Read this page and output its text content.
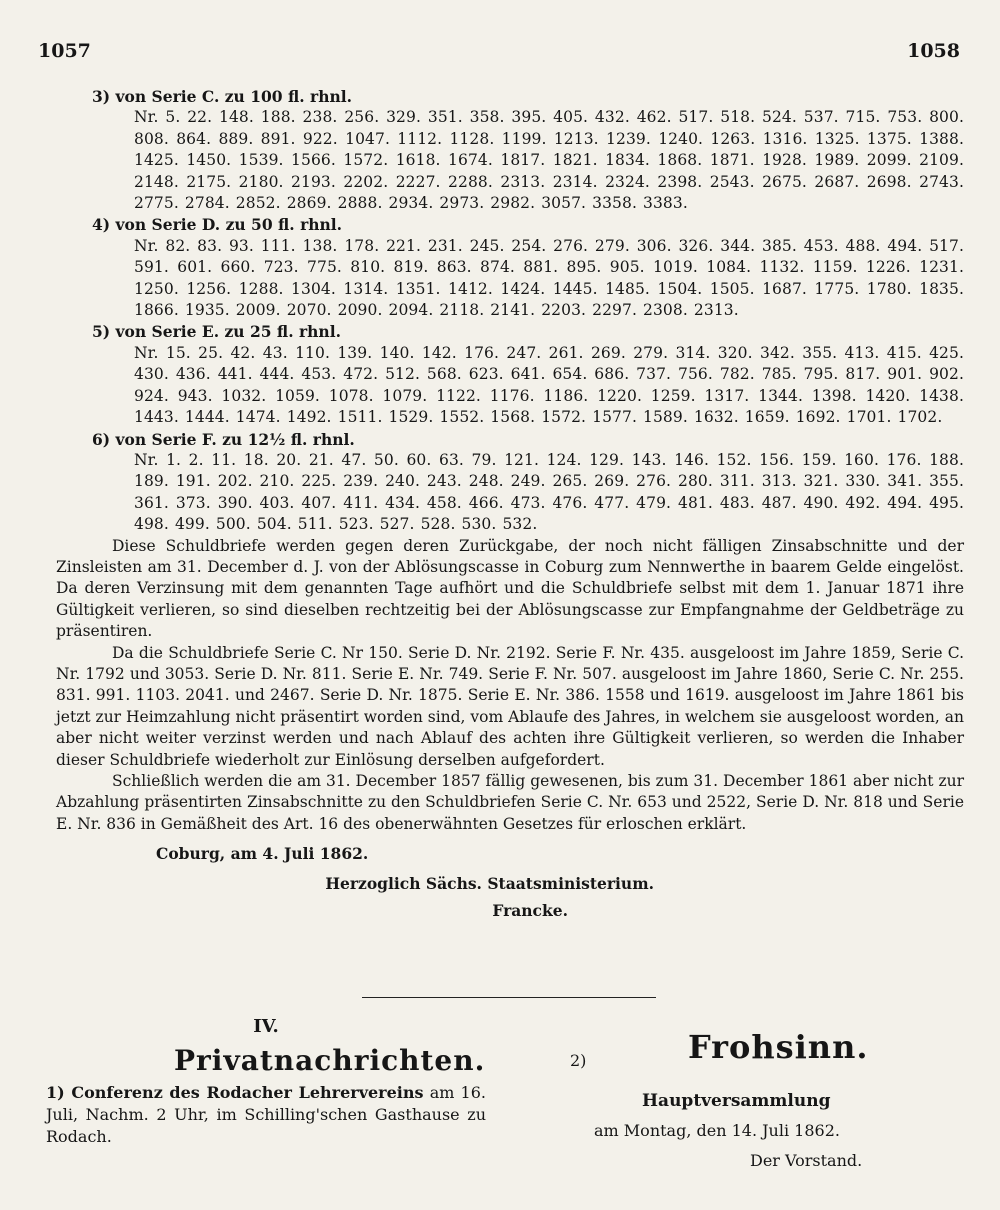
1057	1058
3) von Serie C. zu 100 fl. rhnl.
Nr. 5. 22. 148. 188. 238. 256. 329. 351. 358. 395. 405. 432. 462. 517. 518. 524. 537. 715. 753. 800. 808. 864. 889. 891. 922. 1047. 1112. 1128. 1199. 1213. 1239. 1240. 1263. 1316. 1325. 1375. 1388. 1425. 1450. 1539. 1566. 1572. 1618. 1674. 1817. 1821. 1834. 1868. 1871. 1928. 1989. 2099. 2109. 2148. 2175. 2180. 2193. 2202. 2227. 2288. 2313. 2314. 2324. 2398. 2543. 2675. 2687. 2698. 2743. 2775. 2784. 2852. 2869. 2888. 2934. 2973. 2982. 3057. 3358. 3383.
4) von Serie D. zu 50 fl. rhnl.
Nr. 82. 83. 93. 111. 138. 178. 221. 231. 245. 254. 276. 279. 306. 326. 344. 385. 453. 488. 494. 517. 591. 601. 660. 723. 775. 810. 819. 863. 874. 881. 895. 905. 1019. 1084. 1132. 1159. 1226. 1231. 1250. 1256. 1288. 1304. 1314. 1351. 1412. 1424. 1445. 1485. 1504. 1505. 1687. 1775. 1780. 1835. 1866. 1935. 2009. 2070. 2090. 2094. 2118. 2141. 2203. 2297. 2308. 2313.
5) von Serie E. zu 25 fl. rhnl.
Nr. 15. 25. 42. 43. 110. 139. 140. 142. 176. 247. 261. 269. 279. 314. 320. 342. 355. 413. 415. 425. 430. 436. 441. 444. 453. 472. 512. 568. 623. 641. 654. 686. 737. 756. 782. 785. 795. 817. 901. 902. 924. 943. 1032. 1059. 1078. 1079. 1122. 1176. 1186. 1220. 1259. 1317. 1344. 1398. 1420. 1438. 1443. 1444. 1474. 1492. 1511. 1529. 1552. 1568. 1572. 1577. 1589. 1632. 1659. 1692. 1701. 1702.
6) von Serie F. zu 12½ fl. rhnl.
Nr. 1. 2. 11. 18. 20. 21. 47. 50. 60. 63. 79. 121. 124. 129. 143. 146. 152. 156. 159. 160. 176. 188. 189. 191. 202. 210. 225. 239. 240. 243. 248. 249. 265. 269. 276. 280. 311. 313. 321. 330. 341. 355. 361. 373. 390. 403. 407. 411. 434. 458. 466. 473. 476. 477. 479. 481. 483. 487. 490. 492. 494. 495. 498. 499. 500. 504. 511. 523. 527. 528. 530. 532.

Diese Schuldbriefe werden gegen deren Zurückgabe, der noch nicht fälligen Zinsabschnitte und der Zinsleisten am 31. December d. J. von der Ablösungscasse in Coburg zum Nennwerthe in baarem Gelde eingelöst. Da deren Verzinsung mit dem genannten Tage aufhört und die Schuldbriefe selbst mit dem 1. Januar 1871 ihre Gültigkeit verlieren, so sind dieselben rechtzeitig bei der Ablösungscasse zur Empfangnahme der Geldbeträge zu präsentiren.

Da die Schuldbriefe Serie C. Nr 150. Serie D. Nr. 2192. Serie F. Nr. 435. ausgeloost im Jahre 1859, Serie C. Nr. 1792 und 3053. Serie D. Nr. 811. Serie E. Nr. 749. Serie F. Nr. 507. ausgeloost im Jahre 1860, Serie C. Nr. 255. 831. 991. 1103. 2041. und 2467. Serie D. Nr. 1875. Serie E. Nr. 386. 1558 und 1619. ausgeloost im Jahre 1861 bis jetzt zur Heimzahlung nicht präsentirt worden sind, vom Ablaufe des Jahres, in welchem sie ausgeloost worden, an aber nicht weiter verzinst werden und nach Ablauf des achten ihre Gültigkeit verlieren, so werden die Inhaber dieser Schuldbriefe wiederholt zur Einlösung derselben aufgefordert.

Schließlich werden die am 31. December 1857 fällig gewesenen, bis zum 31. December 1861 aber nicht zur Abzahlung präsentirten Zinsabschnitte zu den Schuldbriefen Serie C. Nr. 653 und 2522, Serie D. Nr. 818 und Serie E. Nr. 836 in Gemäßheit des Art. 16 des obenerwähnten Gesetzes für erloschen erklärt.

Coburg, am 4. Juli 1862.
Herzoglich Sächs. Staatsministerium.
Francke.
IV.
Privatnachrichten.
1) Conferenz des Rodacher Lehrervereins am 16. Juli, Nachm. 2 Uhr, im Schilling'schen Gasthause zu Rodach.
2)	Frohsinn.
Hauptversammlung
am Montag, den 14. Juli 1862.
Der Vorstand.
